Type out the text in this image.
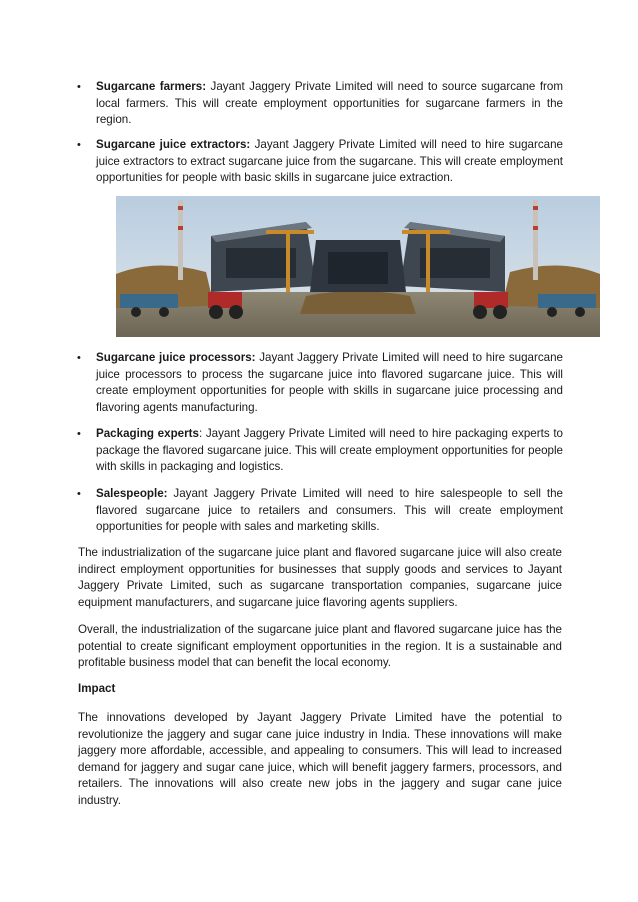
• Sugarcane farmers: Jayant Jaggery Private Limited will need to source sugarcane from local farmers. This will create employment opportunities for sugarcane farmers in the region.
• Sugarcane juice extractors: Jayant Jaggery Private Limited will need to hire sugarcane juice extractors to extract sugarcane juice from the sugarcane. This will create employment opportunities for people with basic skills in sugarcane juice extraction.
• Sugarcane juice processors: Jayant Jaggery Private Limited will need to hire sugarcane juice processors to process the sugarcane juice into flavored sugarcane juice. This will create employment opportunities for people with skills in sugarcane juice processing and flavoring agents manufacturing.
• Packaging experts: Jayant Jaggery Private Limited will need to hire packaging experts to package the flavored sugarcane juice. This will create employment opportunities for people with skills in packaging and logistics.
• Salespeople: Jayant Jaggery Private Limited will need to hire salespeople to sell the flavored sugarcane juice to retailers and consumers. This will create employment opportunities for people with sales and marketing skills.

The industrialization of the sugarcane juice plant and flavored sugarcane juice will also create indirect employment opportunities for businesses that supply goods and services to Jayant Jaggery Private Limited, such as sugarcane transportation companies, sugarcane juice equipment manufacturers, and sugarcane juice flavoring agents suppliers.

Overall, the industrialization of the sugarcane juice plant and flavored sugarcane juice has the potential to create significant employment opportunities in the region. It is a sustainable and profitable business model that can benefit the local economy.

Impact

The innovations developed by Jayant Jaggery Private Limited have the potential to revolutionize the jaggery and sugar cane juice industry in India. These innovations will make jaggery more affordable, accessible, and appealing to consumers. This will lead to increased demand for jaggery and sugar cane juice, which will benefit jaggery farmers, processors, and retailers. The innovations will also create new jobs in the jaggery and sugar cane juice industry.
